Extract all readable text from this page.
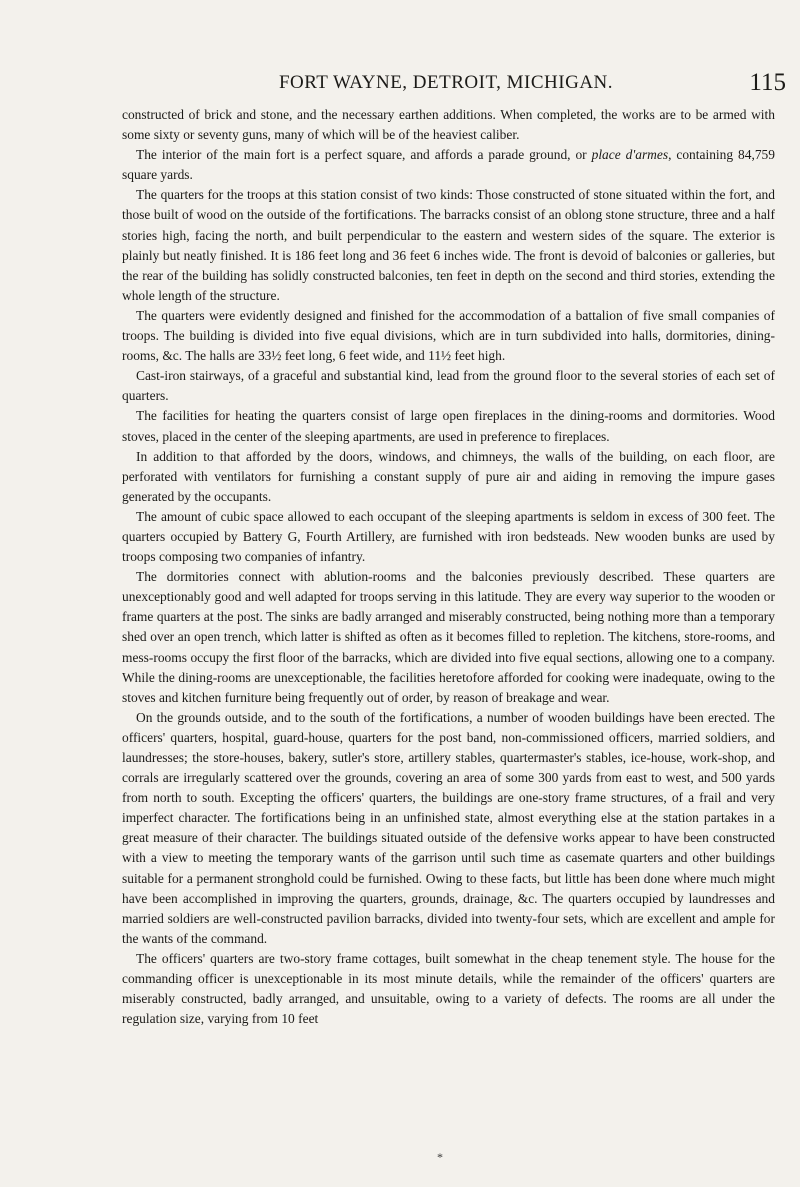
FORT WAYNE, DETROIT, MICHIGAN.	115

constructed of brick and stone, and the necessary earthen additions. When completed, the works are to be armed with some sixty or seventy guns, many of which will be of the heaviest caliber.

The interior of the main fort is a perfect square, and affords a parade ground, or place d'armes, containing 84,759 square yards.

The quarters for the troops at this station consist of two kinds: Those constructed of stone situated within the fort, and those built of wood on the outside of the fortifications. The barracks consist of an oblong stone structure, three and a half stories high, facing the north, and built perpendicular to the eastern and western sides of the square. The exterior is plainly but neatly finished. It is 186 feet long and 36 feet 6 inches wide. The front is devoid of balconies or galleries, but the rear of the building has solidly constructed balconies, ten feet in depth on the second and third stories, extending the whole length of the structure.

The quarters were evidently designed and finished for the accommodation of a battalion of five small companies of troops. The building is divided into five equal divisions, which are in turn subdivided into halls, dormitories, dining-rooms, &c. The halls are 33½ feet long, 6 feet wide, and 11½ feet high.

Cast-iron stairways, of a graceful and substantial kind, lead from the ground floor to the several stories of each set of quarters.

The facilities for heating the quarters consist of large open fireplaces in the dining-rooms and dormitories. Wood stoves, placed in the center of the sleeping apartments, are used in preference to fireplaces.

In addition to that afforded by the doors, windows, and chimneys, the walls of the building, on each floor, are perforated with ventilators for furnishing a constant supply of pure air and aiding in removing the impure gases generated by the occupants.

The amount of cubic space allowed to each occupant of the sleeping apartments is seldom in excess of 300 feet. The quarters occupied by Battery G, Fourth Artillery, are furnished with iron bedsteads. New wooden bunks are used by troops composing two companies of infantry.

The dormitories connect with ablution-rooms and the balconies previously described. These quarters are unexceptionably good and well adapted for troops serving in this latitude. They are every way superior to the wooden or frame quarters at the post. The sinks are badly arranged and miserably constructed, being nothing more than a temporary shed over an open trench, which latter is shifted as often as it becomes filled to repletion. The kitchens, store-rooms, and mess-rooms occupy the first floor of the barracks, which are divided into five equal sections, allowing one to a company. While the dining-rooms are unexceptionable, the facilities heretofore afforded for cooking were inadequate, owing to the stoves and kitchen furniture being frequently out of order, by reason of breakage and wear.

On the grounds outside, and to the south of the fortifications, a number of wooden buildings have been erected. The officers' quarters, hospital, guard-house, quarters for the post band, non-commissioned officers, married soldiers, and laundresses; the store-houses, bakery, sutler's store, artillery stables, quartermaster's stables, ice-house, work-shop, and corrals are irregularly scattered over the grounds, covering an area of some 300 yards from east to west, and 500 yards from north to south. Excepting the officers' quarters, the buildings are one-story frame structures, of a frail and very imperfect character. The fortifications being in an unfinished state, almost everything else at the station partakes in a great measure of their character. The buildings situated outside of the defensive works appear to have been constructed with a view to meeting the temporary wants of the garrison until such time as casemate quarters and other buildings suitable for a permanent stronghold could be furnished. Owing to these facts, but little has been done where much might have been accomplished in improving the quarters, grounds, drainage, &c. The quarters occupied by laundresses and married soldiers are well-constructed pavilion barracks, divided into twenty-four sets, which are excellent and ample for the wants of the command.

The officers' quarters are two-story frame cottages, built somewhat in the cheap tenement style. The house for the commanding officer is unexceptionable in its most minute details, while the remainder of the officers' quarters are miserably constructed, badly arranged, and unsuitable, owing to a variety of defects. The rooms are all under the regulation size, varying from 10 feet

*
